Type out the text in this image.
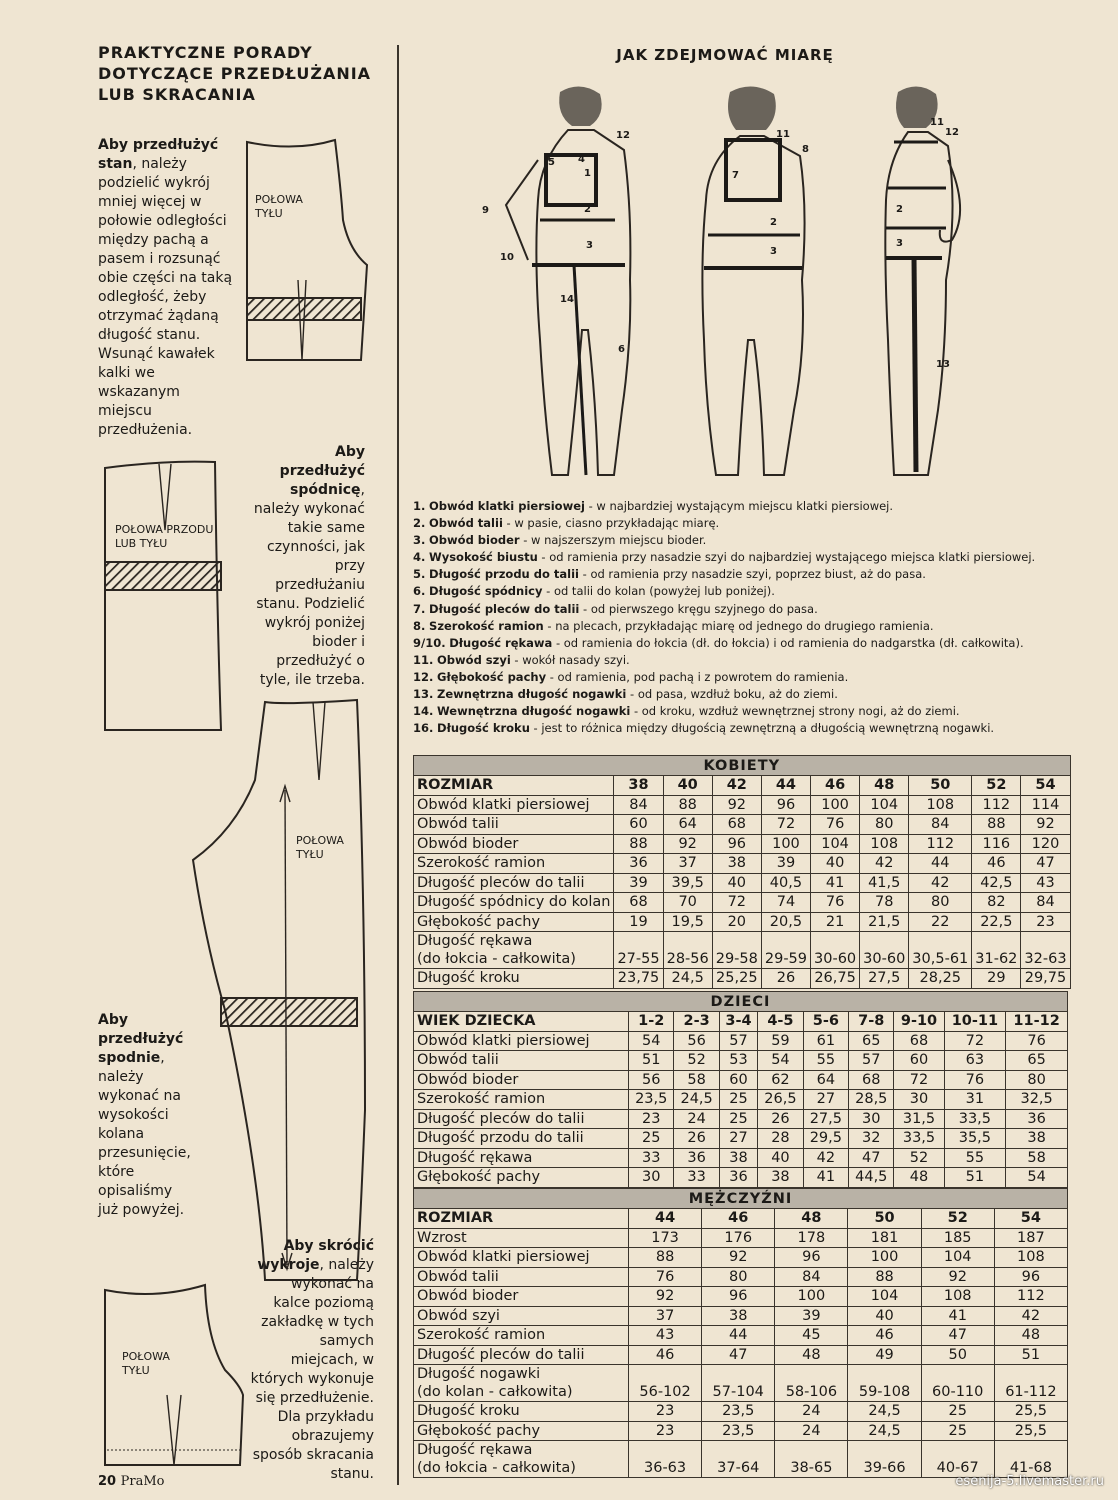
PRAKTYCZNE PORADY DOTYCZĄCE PRZEDŁUŻANIA LUB SKRACANIA
JAK ZDEJMOWAĆ MIARĘ
Aby przedłużyć stan, należy podzielić wykrój mniej więcej w połowie odległości między pachą a pasem i rozsunąć obie części na taką odległość, żeby otrzymać żądaną długość stanu. Wsunąć kawałek kalki we wskazanym miejscu przedłużenia.
Aby przedłużyć spódnicę, należy wykonać takie same czynności, jak przy przedłużaniu stanu. Podzielić wykrój poniżej bioder i przedłużyć o tyle, ile trzeba.
Aby przedłużyć spodnie, należy wykonać na wysokości kolana przesunięcie, które opisaliśmy już powyżej.
Aby skrócić wykroje, należy wykonać na kalce poziomą zakładkę w tych samych miejcach, w których wykonuje się przedłużenie. Dla przykładu obrazujemy sposób skracania stanu.
POŁOWA TYŁU
POŁOWA PRZODU LUB TYŁU
POŁOWA TYŁU
POŁOWA TYŁU
1
2
3
4
5
6
9
10
12
14
2
3
7
8
11
2
3
11
12
13
1. Obwód klatki piersiowej - w najbardziej wystającym miejscu klatki piersiowej.
2. Obwód talii - w pasie, ciasno przykładając miarę.
3. Obwód bioder - w najszerszym miejscu bioder.
4. Wysokość biustu - od ramienia przy nasadzie szyi do najbardziej wystającego miejsca klatki piersiowej.
5. Długość przodu do talii - od ramienia przy nasadzie szyi, poprzez biust, aż do pasa.
6. Długość spódnicy - od talii do kolan (powyżej lub poniżej).
7. Długość pleców do talii - od pierwszego kręgu szyjnego do pasa.
8. Szerokość ramion - na plecach, przykładając miarę od jednego do drugiego ramienia.
9/10. Długość rękawa - od ramienia do łokcia (dł. do łokcia) i od ramienia do nadgarstka (dł. całkowita).
11. Obwód szyi - wokół nasady szyi.
12. Głębokość pachy - od ramienia, pod pachą i z powrotem do ramienia.
13. Zewnętrzna długość nogawki - od pasa, wzdłuż boku, aż do ziemi.
14. Wewnętrzna długość nogawki - od kroku, wzdłuż wewnętrznej strony nogi, aż do ziemi.
16. Długość kroku - jest to różnica między długością zewnętrzną a długością wewnętrzną nogawki.
KOBIETY									
ROZMIAR	38	40	42	44	46	48	50	52	54
Obwód klatki piersiowej	84	88	92	96	100	104	108	112	114
Obwód talii	60	64	68	72	76	80	84	88	92
Obwód bioder	88	92	96	100	104	108	112	116	120
Szerokość ramion	36	37	38	39	40	42	44	46	47
Długość pleców do talii	39	39,5	40	40,5	41	41,5	42	42,5	43
Długość spódnicy do kolan	68	70	72	74	76	78	80	82	84
Głębokość pachy	19	19,5	20	20,5	21	21,5	22	22,5	23

Długość rękawa
(do łokcia - całkowita)	27-55	28-56	29-58	29-59	30-60	30-60	30,5-61	31-62	32-63
Długość kroku	23,75	24,5	25,25	26	26,75	27,5	28,25	29	29,75
DZIECI									
WIEK DZIECKA	1-2	2-3	3-4	4-5	5-6	7-8	9-10	10-11	11-12
Obwód klatki piersiowej	54	56	57	59	61	65	68	72	76
Obwód talii	51	52	53	54	55	57	60	63	65
Obwód bioder	56	58	60	62	64	68	72	76	80
Szerokość ramion	23,5	24,5	25	26,5	27	28,5	30	31	32,5
Długość pleców do talii	23	24	25	26	27,5	30	31,5	33,5	36
Długość przodu do talii	25	26	27	28	29,5	32	33,5	35,5	38
Długość rękawa	33	36	38	40	42	47	52	55	58
Głębokość pachy	30	33	36	38	41	44,5	48	51	54
MĘŻCZYŹNI						
ROZMIAR	44	46	48	50	52	54
Wzrost	173	176	178	181	185	187
Obwód klatki piersiowej	88	92	96	100	104	108
Obwód talii	76	80	84	88	92	96
Obwód bioder	92	96	100	104	108	112
Obwód szyi	37	38	39	40	41	42
Szerokość ramion	43	44	45	46	47	48
Długość pleców do talii	46	47	48	49	50	51

Długość nogawki
(do kolan - całkowita)	56-102	57-104	58-106	59-108	60-110	61-112
Długość kroku	23	23,5	24	24,5	25	25,5
Głębokość pachy	23	23,5	24	24,5	25	25,5

Długość rękawa
(do łokcia - całkowita)	36-63	37-64	38-65	39-66	40-67	41-68
20 PraMo	esenija-5.livemaster.ru
